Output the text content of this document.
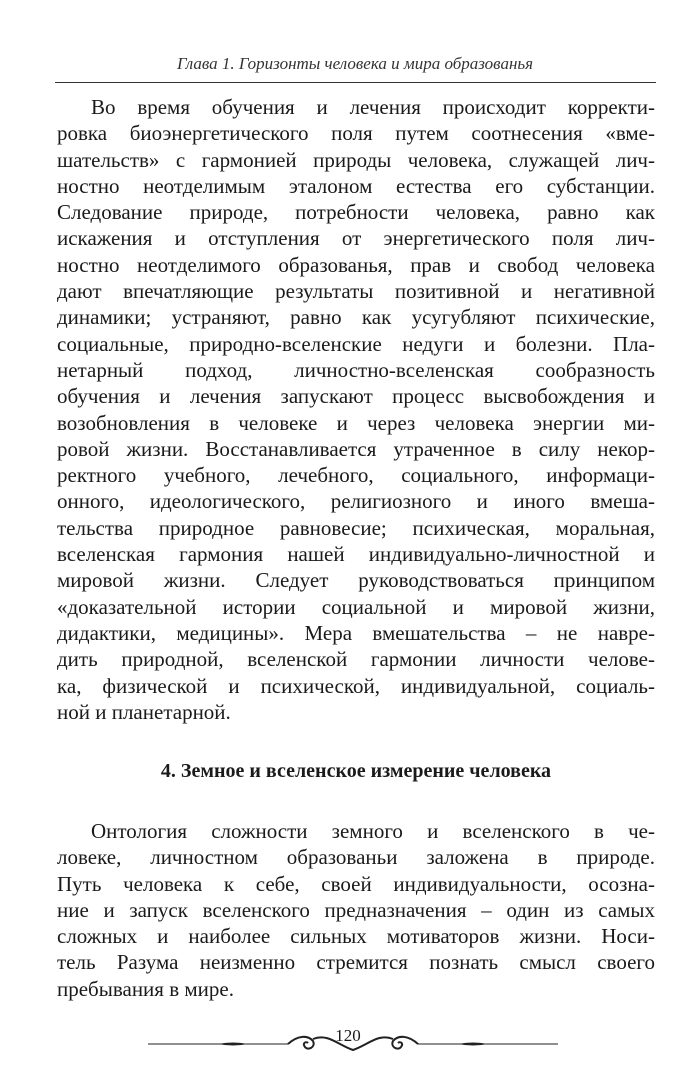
Глава 1. Горизонты человека и мира образованья
Во время обучения и лечения происходит корректи-
ровка биоэнергетического поля путем соотнесения «вме-
шательств» с гармонией природы человека, служащей лич-
ностно неотделимым эталоном естества его субстанции.
Следование природе, потребности человека, равно как
искажения и отступления от энергетического поля лич-
ностно неотделимого образованья, прав и свобод человека
дают впечатляющие результаты позитивной и негативной
динамики; устраняют, равно как усугубляют психические,
социальные, природно-вселенские недуги и болезни. Пла-
нетарный подход, личностно-вселенская сообразность
обучения и лечения запускают процесс высвобождения и
возобновления в человеке и через человека энергии ми-
ровой жизни. Восстанавливается утраченное в силу некор-
ректного учебного, лечебного, социального, информаци-
онного, идеологического, религиозного и иного вмеша-
тельства природное равновесие; психическая, моральная,
вселенская гармония нашей индивидуально-личностной и
мировой жизни. Следует руководствоваться принципом
«доказательной истории социальной и мировой жизни,
дидактики, медицины». Мера вмешательства – не навре-
дить природной, вселенской гармонии личности челове-
ка, физической и психической, индивидуальной, социаль-
ной и планетарной.
4. Земное и вселенское измерение человека
Онтология сложности земного и вселенского в че-
ловеке, личностном образованьи заложена в природе.
Путь человека к себе, своей индивидуальности, осозна-
ние и запуск вселенского предназначения – один из самых
сложных и наиболее сильных мотиваторов жизни. Носи-
тель Разума неизменно стремится познать смысл своего
пребывания в мире.
120
